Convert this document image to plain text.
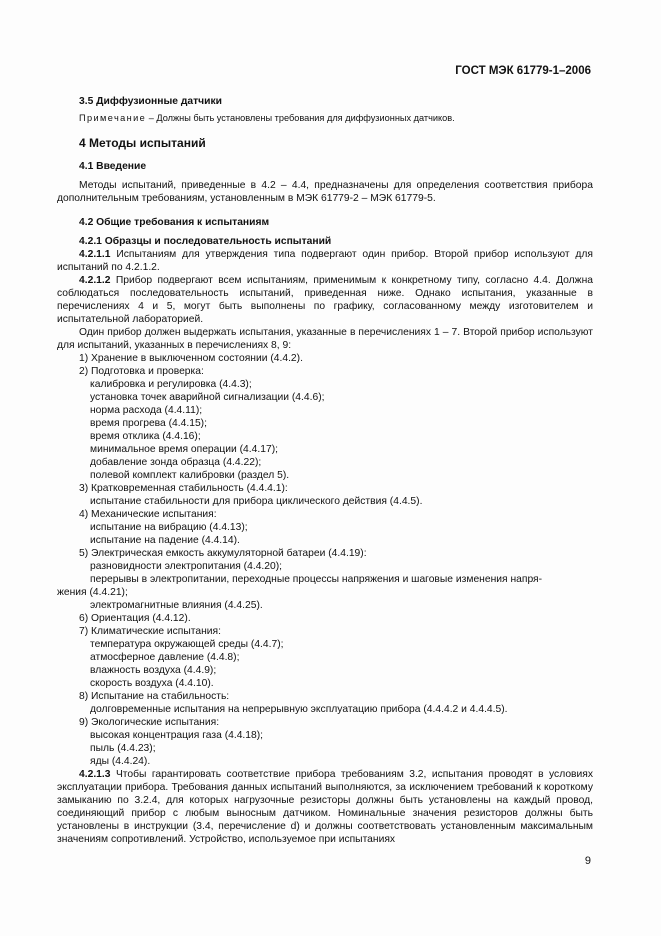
ГОСТ МЭК 61779-1–2006

3.5 Диффузионные датчики

Примечание – Должны быть установлены требования для диффузионных датчиков.

4 Методы испытаний

4.1 Введение

Методы испытаний, приведенные в 4.2 – 4.4, предназначены для определения соответствия прибора дополнительным требованиям, установленным в МЭК 61779-2 – МЭК 61779-5.

4.2 Общие требования к испытаниям

4.2.1 Образцы и последовательность испытаний

4.2.1.1 Испытаниям для утверждения типа подвергают один прибор. Второй прибор используют для испытаний по 4.2.1.2.

4.2.1.2 Прибор подвергают всем испытаниям, применимым к конкретному типу, согласно 4.4. Должна соблюдаться последовательность испытаний, приведенная ниже. Однако испытания, указанные в перечислениях 4 и 5, могут быть выполнены по графику, согласованному между изготовителем и испытательной лабораторией.

Один прибор должен выдержать испытания, указанные в перечислениях 1 – 7. Второй прибор используют для испытаний, указанных в перечислениях 8, 9:

1) Хранение в выключенном состоянии (4.4.2).

2) Подготовка и проверка:

калибровка и регулировка (4.4.3);

установка точек аварийной сигнализации (4.4.6);

норма расхода (4.4.11);

время прогрева (4.4.15);

время отклика (4.4.16);

минимальное время операции (4.4.17);

добавление зонда образца (4.4.22);

полевой комплект калибровки (раздел 5).

3) Кратковременная стабильность (4.4.4.1):

испытание стабильности для прибора циклического действия (4.4.5).

4) Механические испытания:

испытание на вибрацию (4.4.13);

испытание на падение (4.4.14).

5) Электрическая емкость аккумуляторной батареи (4.4.19):

разновидности электропитания (4.4.20);

перерывы в электропитании, переходные процессы напряжения и шаговые изменения напря-

жения (4.4.21);

электромагнитные влияния (4.4.25).

6) Ориентация (4.4.12).

7) Климатические испытания:

температура окружающей среды (4.4.7);

атмосферное давление (4.4.8);

влажность воздуха (4.4.9);

скорость воздуха (4.4.10).

8) Испытание на стабильность:

долговременные испытания на непрерывную эксплуатацию прибора (4.4.4.2 и 4.4.4.5).

9) Экологические испытания:

высокая концентрация газа (4.4.18);

пыль (4.4.23);

яды (4.4.24).

4.2.1.3 Чтобы гарантировать соответствие прибора требованиям 3.2, испытания проводят в условиях эксплуатации прибора. Требования данных испытаний выполняются, за исключением требований к короткому замыканию по 3.2.4, для которых нагрузочные резисторы должны быть установлены на каждый провод, соединяющий прибор с любым выносным датчиком. Номинальные значения резисторов должны быть установлены в инструкции (3.4, перечисление d) и должны соответствовать установленным максимальным значениям сопротивлений. Устройство, используемое при испытаниях

9
